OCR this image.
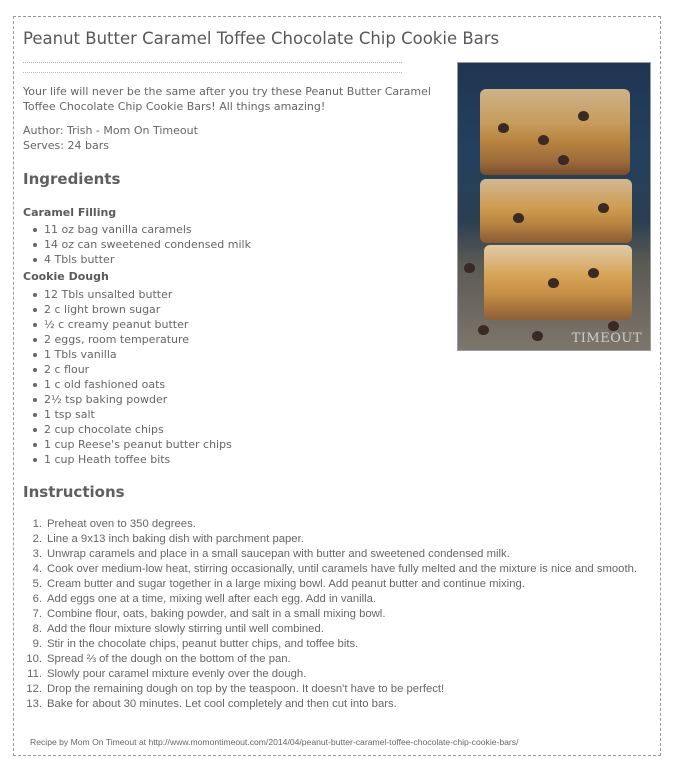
Peanut Butter Caramel Toffee Chocolate Chip Cookie Bars
TIMEOUT

Your life will never be the same after you try these Peanut Butter Caramel Toffee Chocolate Chip Cookie Bars! All things amazing!

Author: Trish - Mom On Timeout
Serves: 24 bars
Ingredients
Caramel Filling
11 oz bag vanilla caramels
14 oz can sweetened condensed milk
4 Tbls butter
Cookie Dough
12 Tbls unsalted butter
2 c light brown sugar
½ c creamy peanut butter
2 eggs, room temperature
1 Tbls vanilla
2 c flour
1 c old fashioned oats
2½ tsp baking powder
1 tsp salt
2 cup chocolate chips
1 cup Reese's peanut butter chips
1 cup Heath toffee bits
Instructions
1. Preheat oven to 350 degrees.
2. Line a 9x13 inch baking dish with parchment paper.
3. Unwrap caramels and place in a small saucepan with butter and sweetened condensed milk.
4. Cook over medium-low heat, stirring occasionally, until caramels have fully melted and the mixture is nice and smooth.
5. Cream butter and sugar together in a large mixing bowl. Add peanut butter and continue mixing.
6. Add eggs one at a time, mixing well after each egg. Add in vanilla.
7. Combine flour, oats, baking powder, and salt in a small mixing bowl.
8. Add the flour mixture slowly stirring until well combined.
9. Stir in the chocolate chips, peanut butter chips, and toffee bits.
10. Spread ⅔ of the dough on the bottom of the pan.
11. Slowly pour caramel mixture evenly over the dough.
12. Drop the remaining dough on top by the teaspoon. It doesn't have to be perfect!
13. Bake for about 30 minutes. Let cool completely and then cut into bars.
Recipe by Mom On Timeout at http://www.momontimeout.com/2014/04/peanut-butter-caramel-toffee-chocolate-chip-cookie-bars/
